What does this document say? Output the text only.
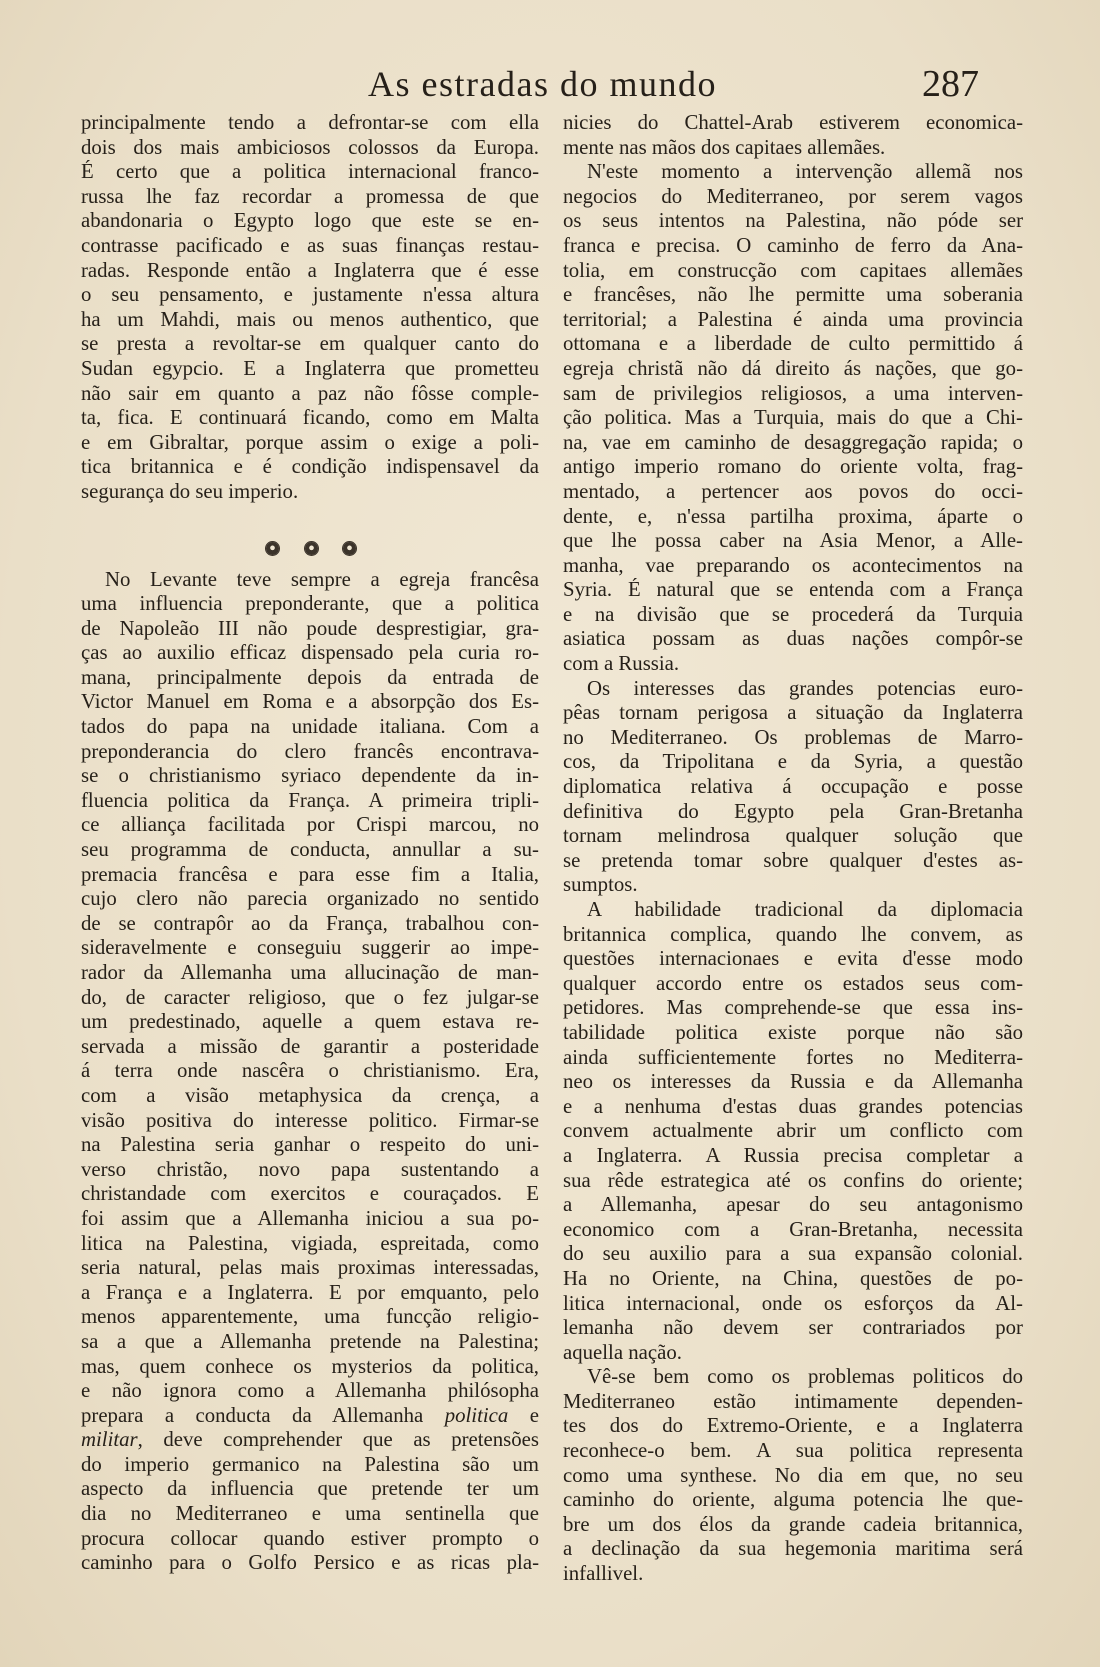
As estradas do mundo	287
principalmente tendo a defrontar-se com ella
dois dos mais ambiciosos colossos da Europa.
É certo que a politica internacional franco-
russa lhe faz recordar a promessa de que
abandonaria o Egypto logo que este se en-
contrasse pacificado e as suas finanças restau-
radas. Responde então a Inglaterra que é esse
o seu pensamento, e justamente n'essa altura
ha um Mahdi, mais ou menos authentico, que
se presta a revoltar-se em qualquer canto do
Sudan egypcio. E a Inglaterra que prometteu
não sair em quanto a paz não fôsse comple-
ta, fica. E continuará ficando, como em Malta
e em Gibraltar, porque assim o exige a poli-
tica britannica e é condição indispensavel da
segurança do seu imperio.
No Levante teve sempre a egreja francêsa
uma influencia preponderante, que a politica
de Napoleão III não poude desprestigiar, gra-
ças ao auxilio efficaz dispensado pela curia ro-
mana, principalmente depois da entrada de
Victor Manuel em Roma e a absorpção dos Es-
tados do papa na unidade italiana. Com a
preponderancia do clero francês encontrava-
se o christianismo syriaco dependente da in-
fluencia politica da França. A primeira tripli-
ce alliança facilitada por Crispi marcou, no
seu programma de conducta, annullar a su-
premacia francêsa e para esse fim a Italia,
cujo clero não parecia organizado no sentido
de se contrapôr ao da França, trabalhou con-
sideravelmente e conseguiu suggerir ao impe-
rador da Allemanha uma allucinação de man-
do, de caracter religioso, que o fez julgar-se
um predestinado, aquelle a quem estava re-
servada a missão de garantir a posteridade
á terra onde nascêra o christianismo. Era,
com a visão metaphysica da crença, a
visão positiva do interesse politico. Firmar-se
na Palestina seria ganhar o respeito do uni-
verso christão, novo papa sustentando a
christandade com exercitos e couraçados. E
foi assim que a Allemanha iniciou a sua po-
litica na Palestina, vigiada, espreitada, como
seria natural, pelas mais proximas interessadas,
a França e a Inglaterra. E por emquanto, pelo
menos apparentemente, uma funcção religio-
sa a que a Allemanha pretende na Palestina;
mas, quem conhece os mysterios da politica,
e não ignora como a Allemanha philósopha
prepara a conducta da Allemanha politica e
militar, deve comprehender que as pretensões
do imperio germanico na Palestina são um
aspecto da influencia que pretende ter um
dia no Mediterraneo e uma sentinella que
procura collocar quando estiver prompto o
caminho para o Golfo Persico e as ricas pla-
nicies do Chattel-Arab estiverem economica-
mente nas mãos dos capitaes allemães.
N'este momento a intervenção allemã nos
negocios do Mediterraneo, por serem vagos
os seus intentos na Palestina, não póde ser
franca e precisa. O caminho de ferro da Ana-
tolia, em construcção com capitaes allemães
e francêses, não lhe permitte uma soberania
territorial; a Palestina é ainda uma provincia
ottomana e a liberdade de culto permittido á
egreja christã não dá direito ás nações, que go-
sam de privilegios religiosos, a uma interven-
ção politica. Mas a Turquia, mais do que a Chi-
na, vae em caminho de desaggregação rapida; o
antigo imperio romano do oriente volta, frag-
mentado, a pertencer aos povos do occi-
dente, e, n'essa partilha proxima, áparte o
que lhe possa caber na Asia Menor, a Alle-
manha, vae preparando os acontecimentos na
Syria. É natural que se entenda com a França
e na divisão que se procederá da Turquia
asiatica possam as duas nações compôr-se
com a Russia.
Os interesses das grandes potencias euro-
pêas tornam perigosa a situação da Inglaterra
no Mediterraneo. Os problemas de Marro-
cos, da Tripolitana e da Syria, a questão
diplomatica relativa á occupação e posse
definitiva do Egypto pela Gran-Bretanha
tornam melindrosa qualquer solução que
se pretenda tomar sobre qualquer d'estes as-
sumptos.
A habilidade tradicional da diplomacia
britannica complica, quando lhe convem, as
questões internacionaes e evita d'esse modo
qualquer accordo entre os estados seus com-
petidores. Mas comprehende-se que essa ins-
tabilidade politica existe porque não são
ainda sufficientemente fortes no Mediterra-
neo os interesses da Russia e da Allemanha
e a nenhuma d'estas duas grandes potencias
convem actualmente abrir um conflicto com
a Inglaterra. A Russia precisa completar a
sua rêde estrategica até os confins do oriente;
a Allemanha, apesar do seu antagonismo
economico com a Gran-Bretanha, necessita
do seu auxilio para a sua expansão colonial.
Ha no Oriente, na China, questões de po-
litica internacional, onde os esforços da Al-
lemanha não devem ser contrariados por
aquella nação.
Vê-se bem como os problemas politicos do
Mediterraneo estão intimamente dependen-
tes dos do Extremo-Oriente, e a Inglaterra
reconhece-o bem. A sua politica representa
como uma synthese. No dia em que, no seu
caminho do oriente, alguma potencia lhe que-
bre um dos élos da grande cadeia britannica,
a declinação da sua hegemonia maritima será
infallivel.
